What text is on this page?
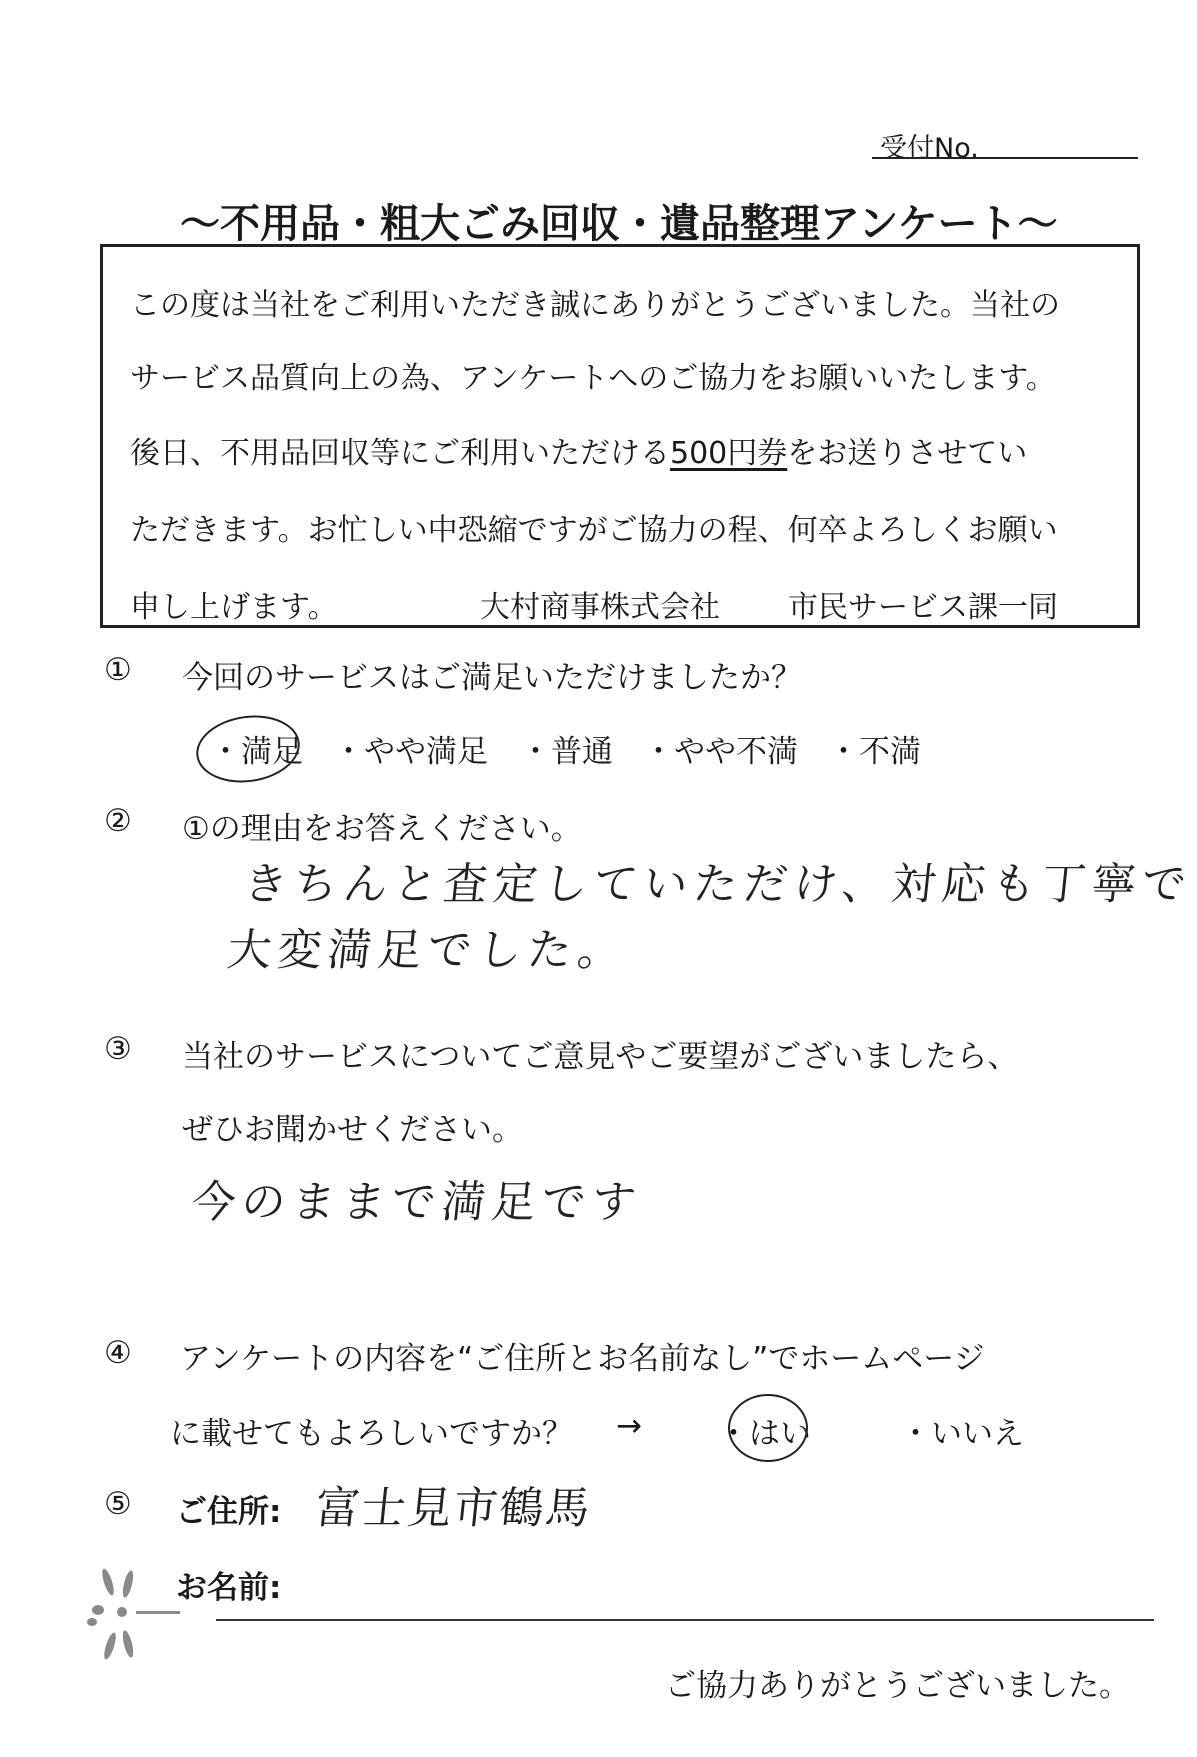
受付No.
～不用品・粗大ごみ回収・遺品整理アンケート～
この度は当社をご利用いただき誠にありがとうございました。当社の
サービス品質向上の為、アンケートへのご協力をお願いいたします。
後日、不用品回収等にご利用いただける500円券をお送りさせてい
ただきます。お忙しい中恐縮ですがご協力の程、何卒よろしくお願い
申し上げます。	大村商事株式会社 市民サービス課一同
① 今回のサービスはご満足いただけましたか？
・満足 ・やや満足 ・普通 ・やや不満 ・不満
② ①の理由をお答えください。
きちんと査定していただけ、対応も丁寧で
大変満足でした。
③ 当社のサービスについてご意見やご要望がございましたら、
ぜひお聞かせください。
今のままで満足です
④ アンケートの内容を“ご住所とお名前なし”でホームページ
に載せてもよろしいですか？ → ・はい	・いいえ
⑤ ご住所: 富士見市鶴馬
お名前:
ご協力ありがとうございました。
